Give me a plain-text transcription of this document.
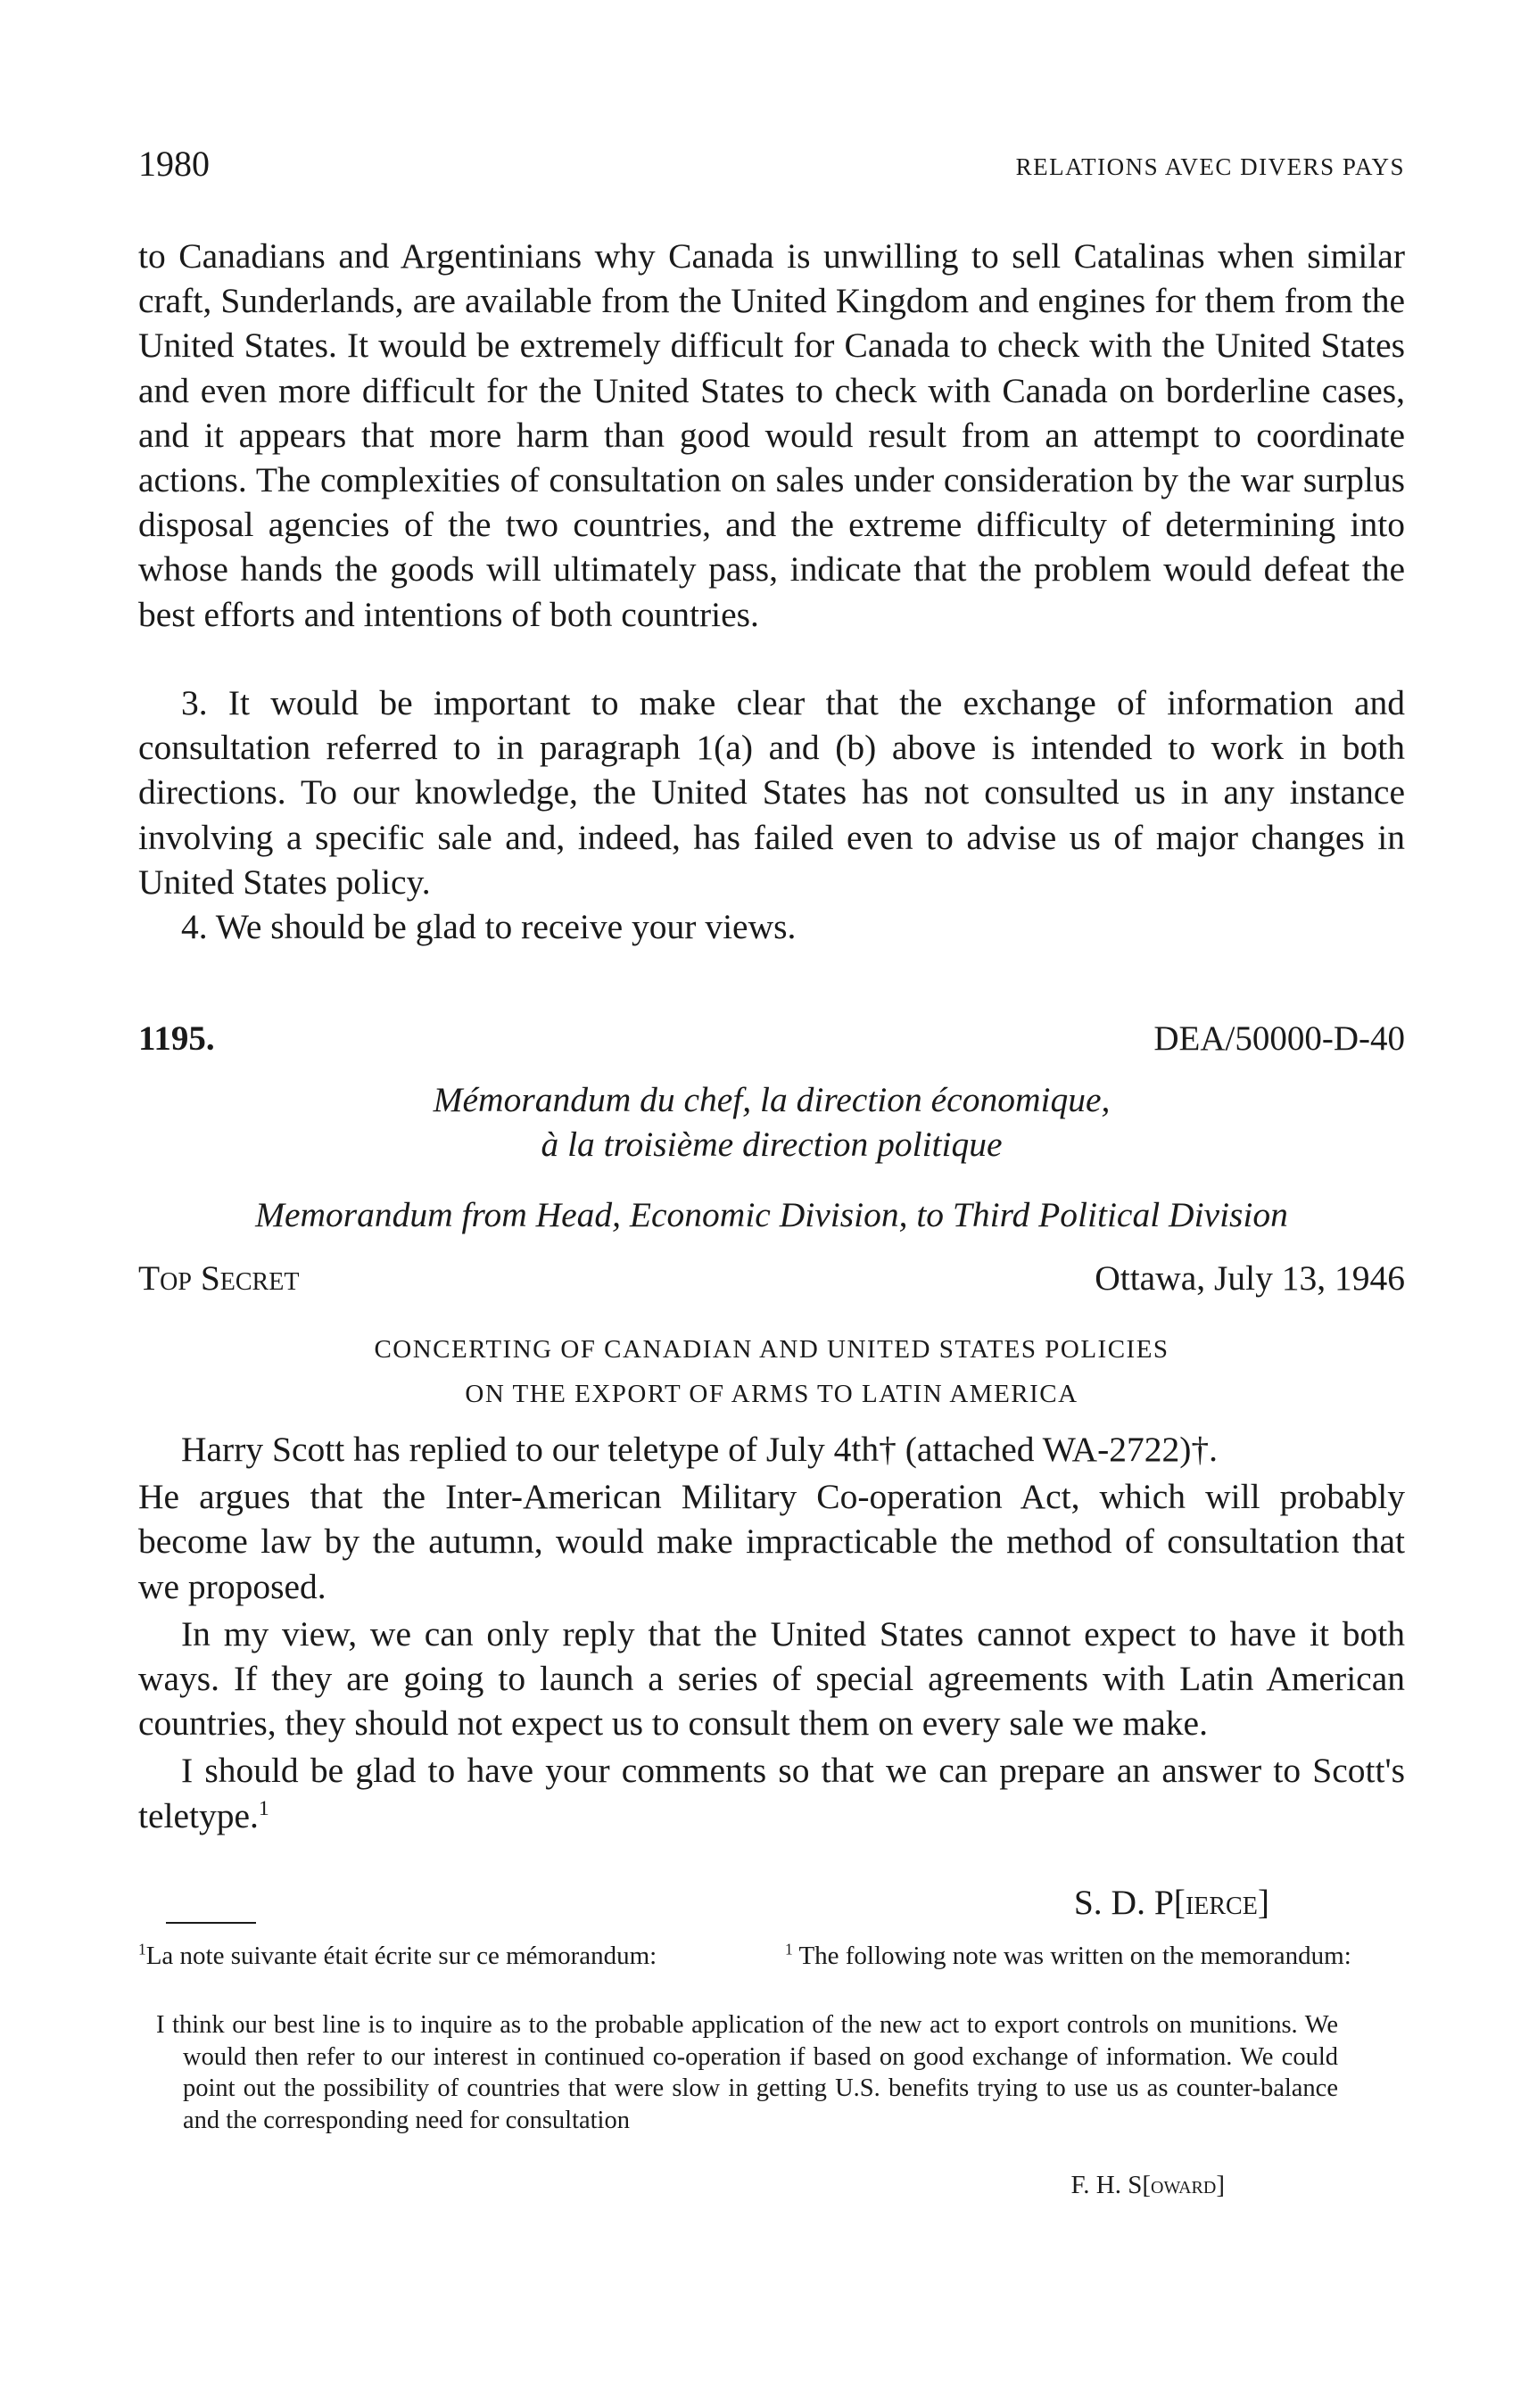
1980	RELATIONS AVEC DIVERS PAYS

to Canadians and Argentinians why Canada is unwilling to sell Catalinas when similar craft, Sunderlands, are available from the United Kingdom and engines for them from the United States. It would be extremely difficult for Canada to check with the United States and even more difficult for the United States to check with Canada on borderline cases, and it appears that more harm than good would result from an attempt to coordinate actions. The complexities of consultation on sales under consideration by the war surplus disposal agencies of the two countries, and the extreme difficulty of determining into whose hands the goods will ultimately pass, indicate that the problem would defeat the best efforts and intentions of both countries.

3. It would be important to make clear that the exchange of information and consultation referred to in paragraph 1(a) and (b) above is intended to work in both directions. To our knowledge, the United States has not consulted us in any instance involving a specific sale and, indeed, has failed even to advise us of major changes in United States policy.

4. We should be glad to receive your views.

1195.	DEA/50000-D-40
Mémorandum du chef, la direction économique,
à la troisième direction politique
Memorandum from Head, Economic Division, to Third Political Division
Top Secret	Ottawa, July 13, 1946
CONCERTING OF CANADIAN AND UNITED STATES POLICIES
ON THE EXPORT OF ARMS TO LATIN AMERICA

Harry Scott has replied to our teletype of July 4th† (attached WA-2722)†.

He argues that the Inter-American Military Co-operation Act, which will probably become law by the autumn, would make impracticable the method of consultation that we proposed.

In my view, we can only reply that the United States cannot expect to have it both ways. If they are going to launch a series of special agreements with Latin American countries, they should not expect us to consult them on every sale we make.

I should be glad to have your comments so that we can prepare an answer to Scott's teletype.$^1$

S. D. P[ierce]

$^1$La note suivante était écrite sur ce mémorandum:	$^1$ The following note was written on the memorandum:

I think our best line is to inquire as to the probable application of the new act to export controls on munitions. We would then refer to our interest in continued co-operation if based on good exchange of information. We could point out the possibility of countries that were slow in getting U.S. benefits trying to use us as counter-balance and the corresponding need for consultation
F. H. S[oward]
